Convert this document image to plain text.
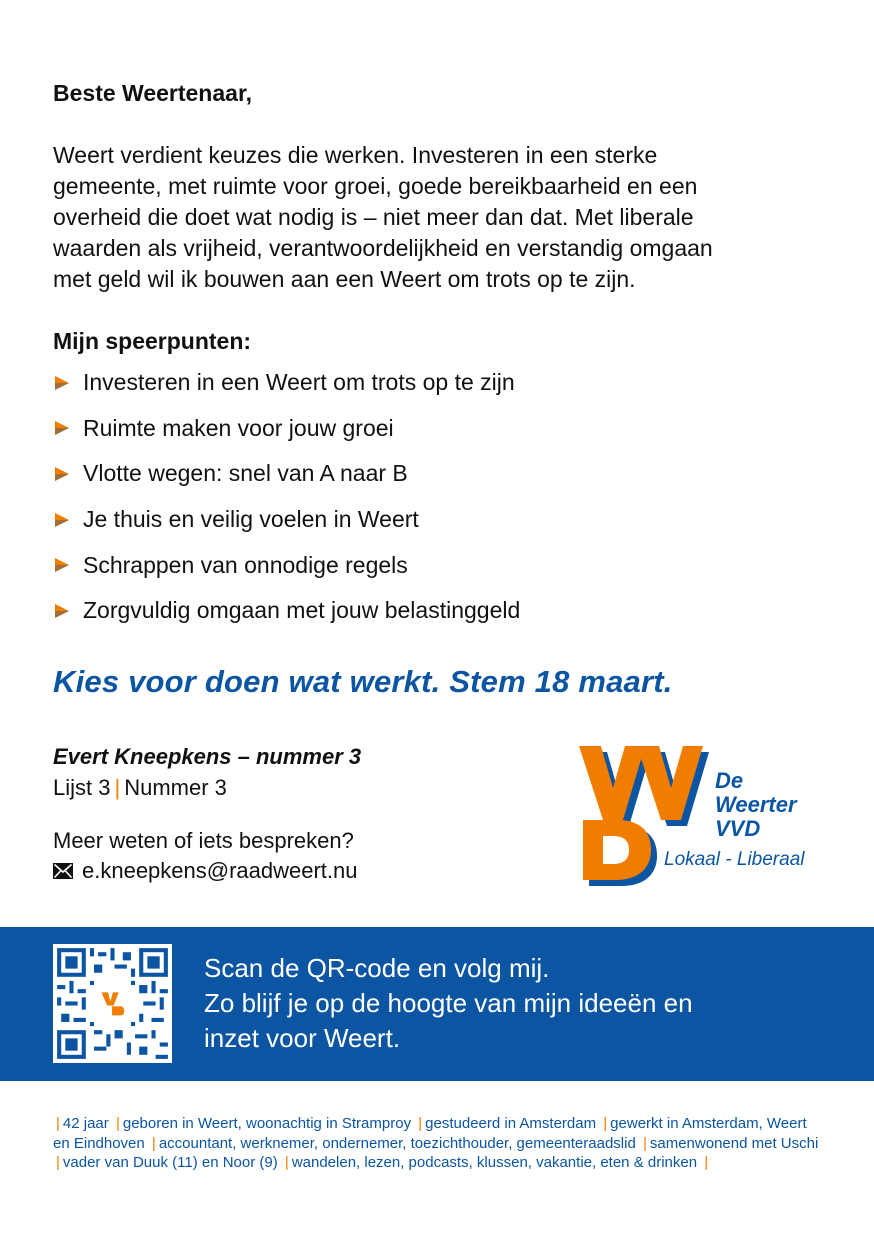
Beste Weertenaar,
Weert verdient keuzes die werken. Investeren in een sterke
gemeente, met ruimte voor groei, goede bereikbaarheid en een
overheid die doet wat nodig is – niet meer dan dat. Met liberale
waarden als vrijheid, verantwoordelijkheid en verstandig omgaan
met geld wil ik bouwen aan een Weert om trots op te zijn.
Mijn speerpunten:
Investeren in een Weert om trots op te zijn
Ruimte maken voor jouw groei
Vlotte wegen: snel van A naar B
Je thuis en veilig voelen in Weert
Schrappen van onnodige regels
Zorgvuldig omgaan met jouw belastinggeld
Kies voor doen wat werkt. Stem 18 maart.
Evert Kneepkens – nummer 3
Lijst 3 | Nummer 3
Meer weten of iets bespreken?
e.kneepkens@raadweert.nu
De
Weerter
VVD
Lokaal - Liberaal
Scan de QR-code en volg mij.
Zo blijf je op de hoogte van mijn ideeën en
inzet voor Weert.
| 42 jaar | geboren in Weert, woonachtig in Stramproy | gestudeerd in Amsterdam | gewerkt in Amsterdam, Weert en Eindhoven | accountant, werknemer, ondernemer, toezichthouder, gemeenteraadslid | samenwonend met Uschi | vader van Duuk (11) en Noor (9) | wandelen, lezen, podcasts, klussen, vakantie, eten & drinken |
